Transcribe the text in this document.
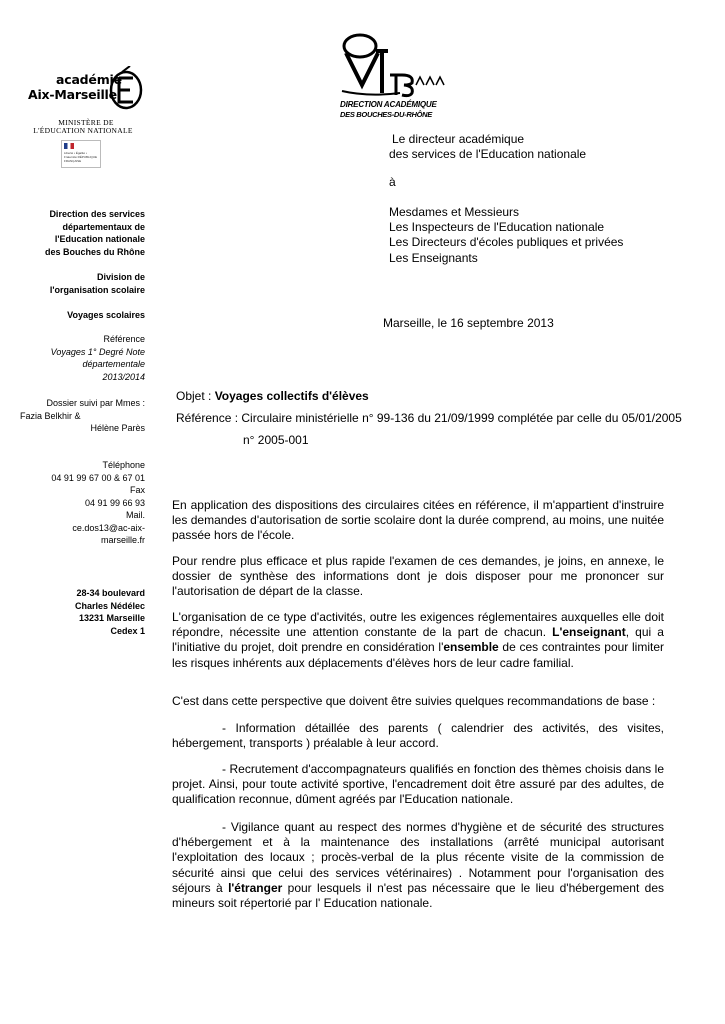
académie
Aix-Marseille
MINISTÈRE DE
L'ÉDUCATION NATIONALE
Liberté • Égalité • Fraternité RÉPUBLIQUE FRANÇAISE
DIRECTION ACADÉMIQUE
DES BOUCHES-DU-RHÔNE
Direction des services
départementaux de
l'Education nationale
des Bouches du Rhône
Division de
l'organisation scolaire
Voyages scolaires
Référence
Voyages 1° Degré Note
départementale
2013/2014
Dossier suivi par Mmes :
Fazia Belkhir &
Hélène Parès
Téléphone
04 91 99 67 00 & 67 01
Fax
04 91 99 66 93
Mail.
ce.dos13@ac-aix-
marseille.fr
28-34 boulevard
Charles Nédélec
13231 Marseille
Cedex 1
Le directeur académique
des services de l'Education nationale
à
Mesdames et Messieurs
Les Inspecteurs de l'Education nationale
Les Directeurs d'écoles publiques et privées
Les Enseignants
Marseille, le 16 septembre 2013
Objet : Voyages collectifs d'élèves
Référence : Circulaire ministérielle n° 99-136 du 21/09/1999 complétée par celle du 05/01/2005
n° 2005-001
En application des dispositions des circulaires citées en référence, il m'appartient d'instruire les demandes d'autorisation de sortie scolaire dont la durée comprend, au moins, une nuitée passée hors de l'école.
Pour rendre plus efficace et plus rapide l'examen de ces demandes, je joins, en annexe, le dossier de synthèse des informations dont je dois disposer pour me prononcer sur l'autorisation de départ de la classe.
L'organisation de ce type d'activités, outre les exigences réglementaires auxquelles elle doit répondre, nécessite une attention constante de la part de chacun. L'enseignant, qui a l'initiative du projet, doit prendre en considération l'ensemble de ces contraintes pour limiter les risques inhérents aux déplacements d'élèves hors de leur cadre familial.
C'est dans cette perspective que doivent être suivies quelques recommandations de base :
- Information détaillée des parents ( calendrier des activités, des visites, hébergement, transports ) préalable à leur accord.
- Recrutement d'accompagnateurs qualifiés en fonction des thèmes choisis dans le projet. Ainsi, pour toute activité sportive, l'encadrement doit être assuré par des adultes, de qualification reconnue, dûment agréés par l'Education nationale.
- Vigilance quant au respect des normes d'hygiène et de sécurité des structures d'hébergement et à la maintenance des installations (arrêté municipal autorisant l'exploitation des locaux ; procès-verbal de la plus récente visite de la commission de sécurité ainsi que celui des services vétérinaires) . Notamment pour l'organisation des séjours à l'étranger pour lesquels il n'est pas nécessaire que le lieu d'hébergement des mineurs soit répertorié par l' Education nationale.
